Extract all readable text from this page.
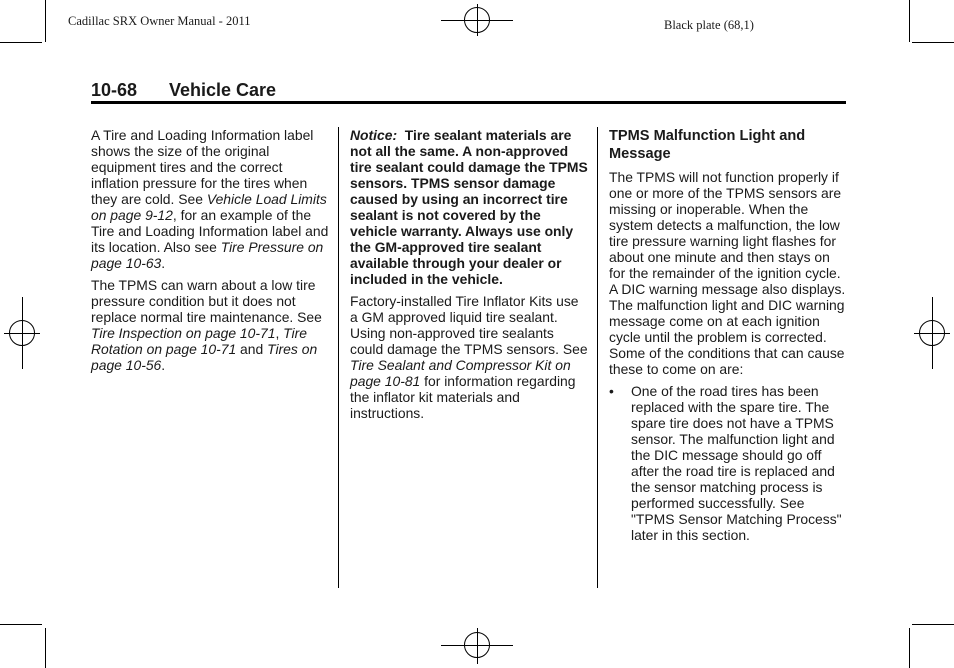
Cadillac SRX Owner Manual - 2011	Black plate (68,1)
10-68 Vehicle Care

A Tire and Loading Information label shows the size of the original equipment tires and the correct inflation pressure for the tires when they are cold. See Vehicle Load Limits on page 9-12, for an example of the Tire and Loading Information label and its location. Also see Tire Pressure on page 10-63.

The TPMS can warn about a low tire pressure condition but it does not replace normal tire maintenance. See Tire Inspection on page 10-71, Tire Rotation on page 10-71 and Tires on page 10-56.

Notice: Tire sealant materials are not all the same. A non-approved tire sealant could damage the TPMS sensors. TPMS sensor damage caused by using an incorrect tire sealant is not covered by the vehicle warranty. Always use only the GM-approved tire sealant available through your dealer or included in the vehicle.

Factory-installed Tire Inflator Kits use a GM approved liquid tire sealant. Using non-approved tire sealants could damage the TPMS sensors. See Tire Sealant and Compressor Kit on page 10-81 for information regarding the inflator kit materials and instructions.

TPMS Malfunction Light and Message

The TPMS will not function properly if one or more of the TPMS sensors are missing or inoperable. When the system detects a malfunction, the low tire pressure warning light flashes for about one minute and then stays on for the remainder of the ignition cycle. A DIC warning message also displays. The malfunction light and DIC warning message come on at each ignition cycle until the problem is corrected. Some of the conditions that can cause these to come on are:

• One of the road tires has been replaced with the spare tire. The spare tire does not have a TPMS sensor. The malfunction light and the DIC message should go off after the road tire is replaced and the sensor matching process is performed successfully. See "TPMS Sensor Matching Process" later in this section.
